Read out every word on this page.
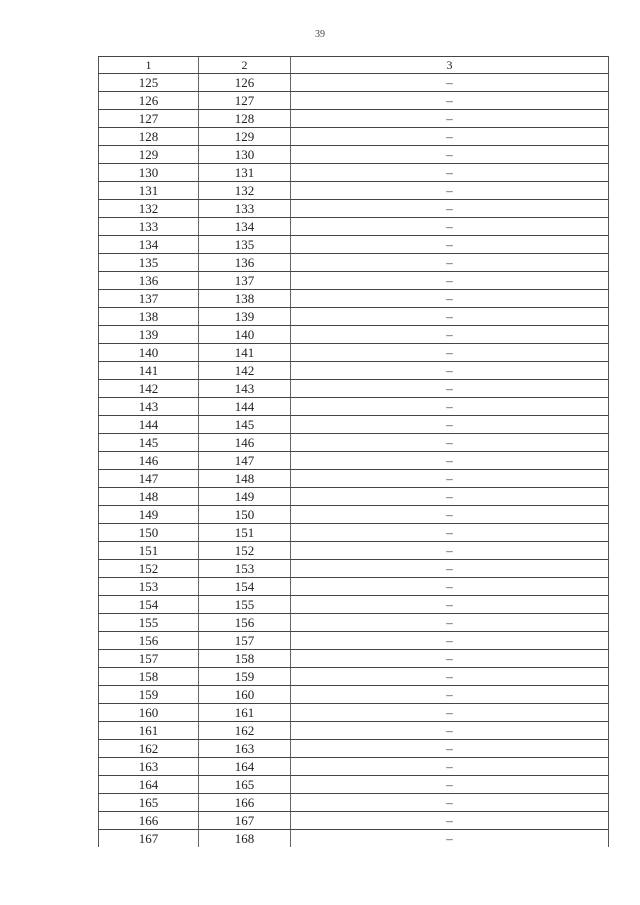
39
1	2	3
125	126	–
126	127	–
127	128	–
128	129	–
129	130	–
130	131	–
131	132	–
132	133	–
133	134	–
134	135	–
135	136	–
136	137	–
137	138	–
138	139	–
139	140	–
140	141	–
141	142	–
142	143	–
143	144	–
144	145	–
145	146	–
146	147	–
147	148	–
148	149	–
149	150	–
150	151	–
151	152	–
152	153	–
153	154	–
154	155	–
155	156	–
156	157	–
157	158	–
158	159	–
159	160	–
160	161	–
161	162	–
162	163	–
163	164	–
164	165	–
165	166	–
166	167	–
167	168	–
